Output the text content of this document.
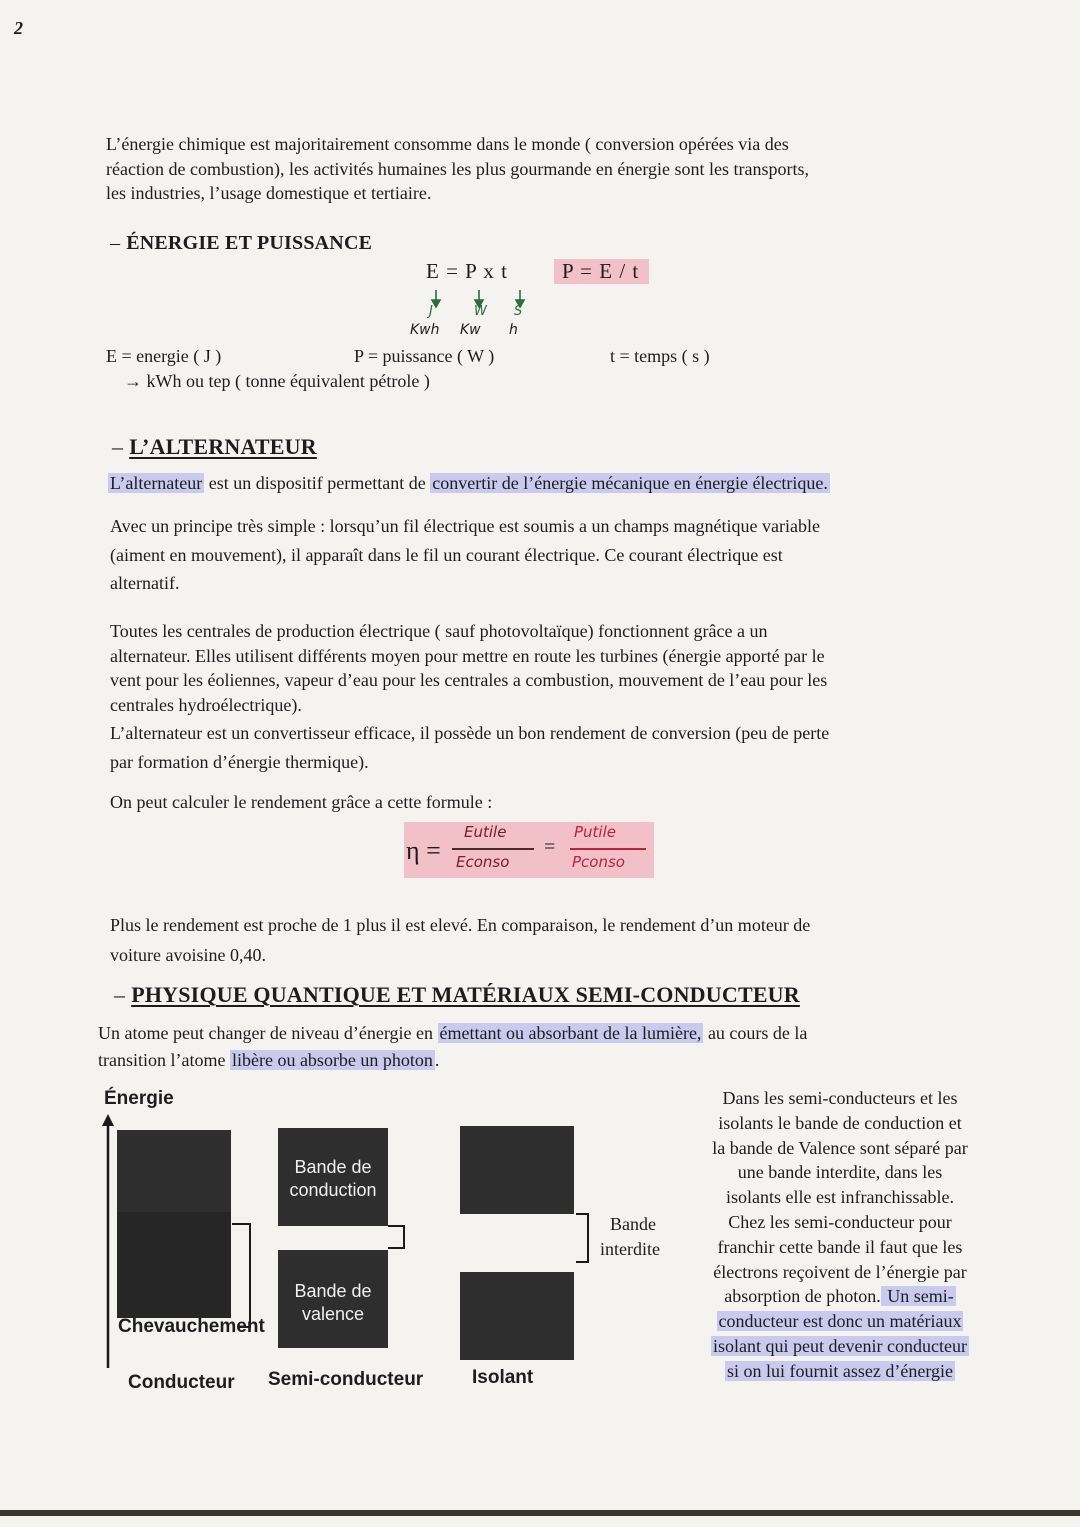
2

L’énergie chimique est majoritairement consomme dans le monde ( conversion opérées via des

réaction de combustion), les activités humaines les plus gourmande en énergie sont les transports,

les industries, l’usage domestique et tertiaire.

– ÉNERGIE ET PUISSANCE
E = P x t	P = E / t
J	W S
Kwh Kw h
E = energie ( J )	P = puissance ( W )	t = temps ( s )
→ kWh ou tep ( tonne équivalent pétrole )
– L’ALTERNATEUR
L’alternateur est un dispositif permettant de convertir de l’énergie mécanique en énergie électrique.

Avec un principe très simple : lorsqu’un fil électrique est soumis a un champs magnétique variable

(aiment en mouvement), il apparaît dans le fil un courant électrique. Ce courant électrique est

alternatif.

Toutes les centrales de production électrique ( sauf photovoltaïque) fonctionnent grâce a un

alternateur. Elles utilisent différents moyen pour mettre en route les turbines (énergie apporté par le

vent pour les éoliennes, vapeur d’eau pour les centrales a combustion, mouvement de l’eau pour les

centrales hydroélectrique).

L’alternateur est un convertisseur efficace, il possède un bon rendement de conversion (peu de perte

par formation d’énergie thermique).

On peut calculer le rendement grâce a cette formule :
η =
Eutile
Econso
=
Putile
Pconso

Plus le rendement est proche de 1 plus il est elevé. En comparaison, le rendement d’un moteur de

voiture avoisine 0,40.

– PHYSIQUE QUANTIQUE ET MATÉRIAUX SEMI-CONDUCTEUR

Un atome peut changer de niveau d’énergie en émettant ou absorbant de la lumière, au cours de la

transition l’atome libère ou absorbe un photon .

Énergie
Bande de conduction
Bande de valence
Chevauchement
Bande
interdite
Conducteur Semi-conducteur	Isolant
Dans les semi-conducteurs et les
isolants le bande de conduction et
la bande de Valence sont séparé par
une bande interdite, dans les
isolants elle est infranchissable.
Chez les semi-conducteur pour
franchir cette bande il faut que les
électrons reçoivent de l’énergie par
absorption de photon. Un semi-
conducteur est donc un matériaux
isolant qui peut devenir conducteur
si on lui fournit assez d’énergie
